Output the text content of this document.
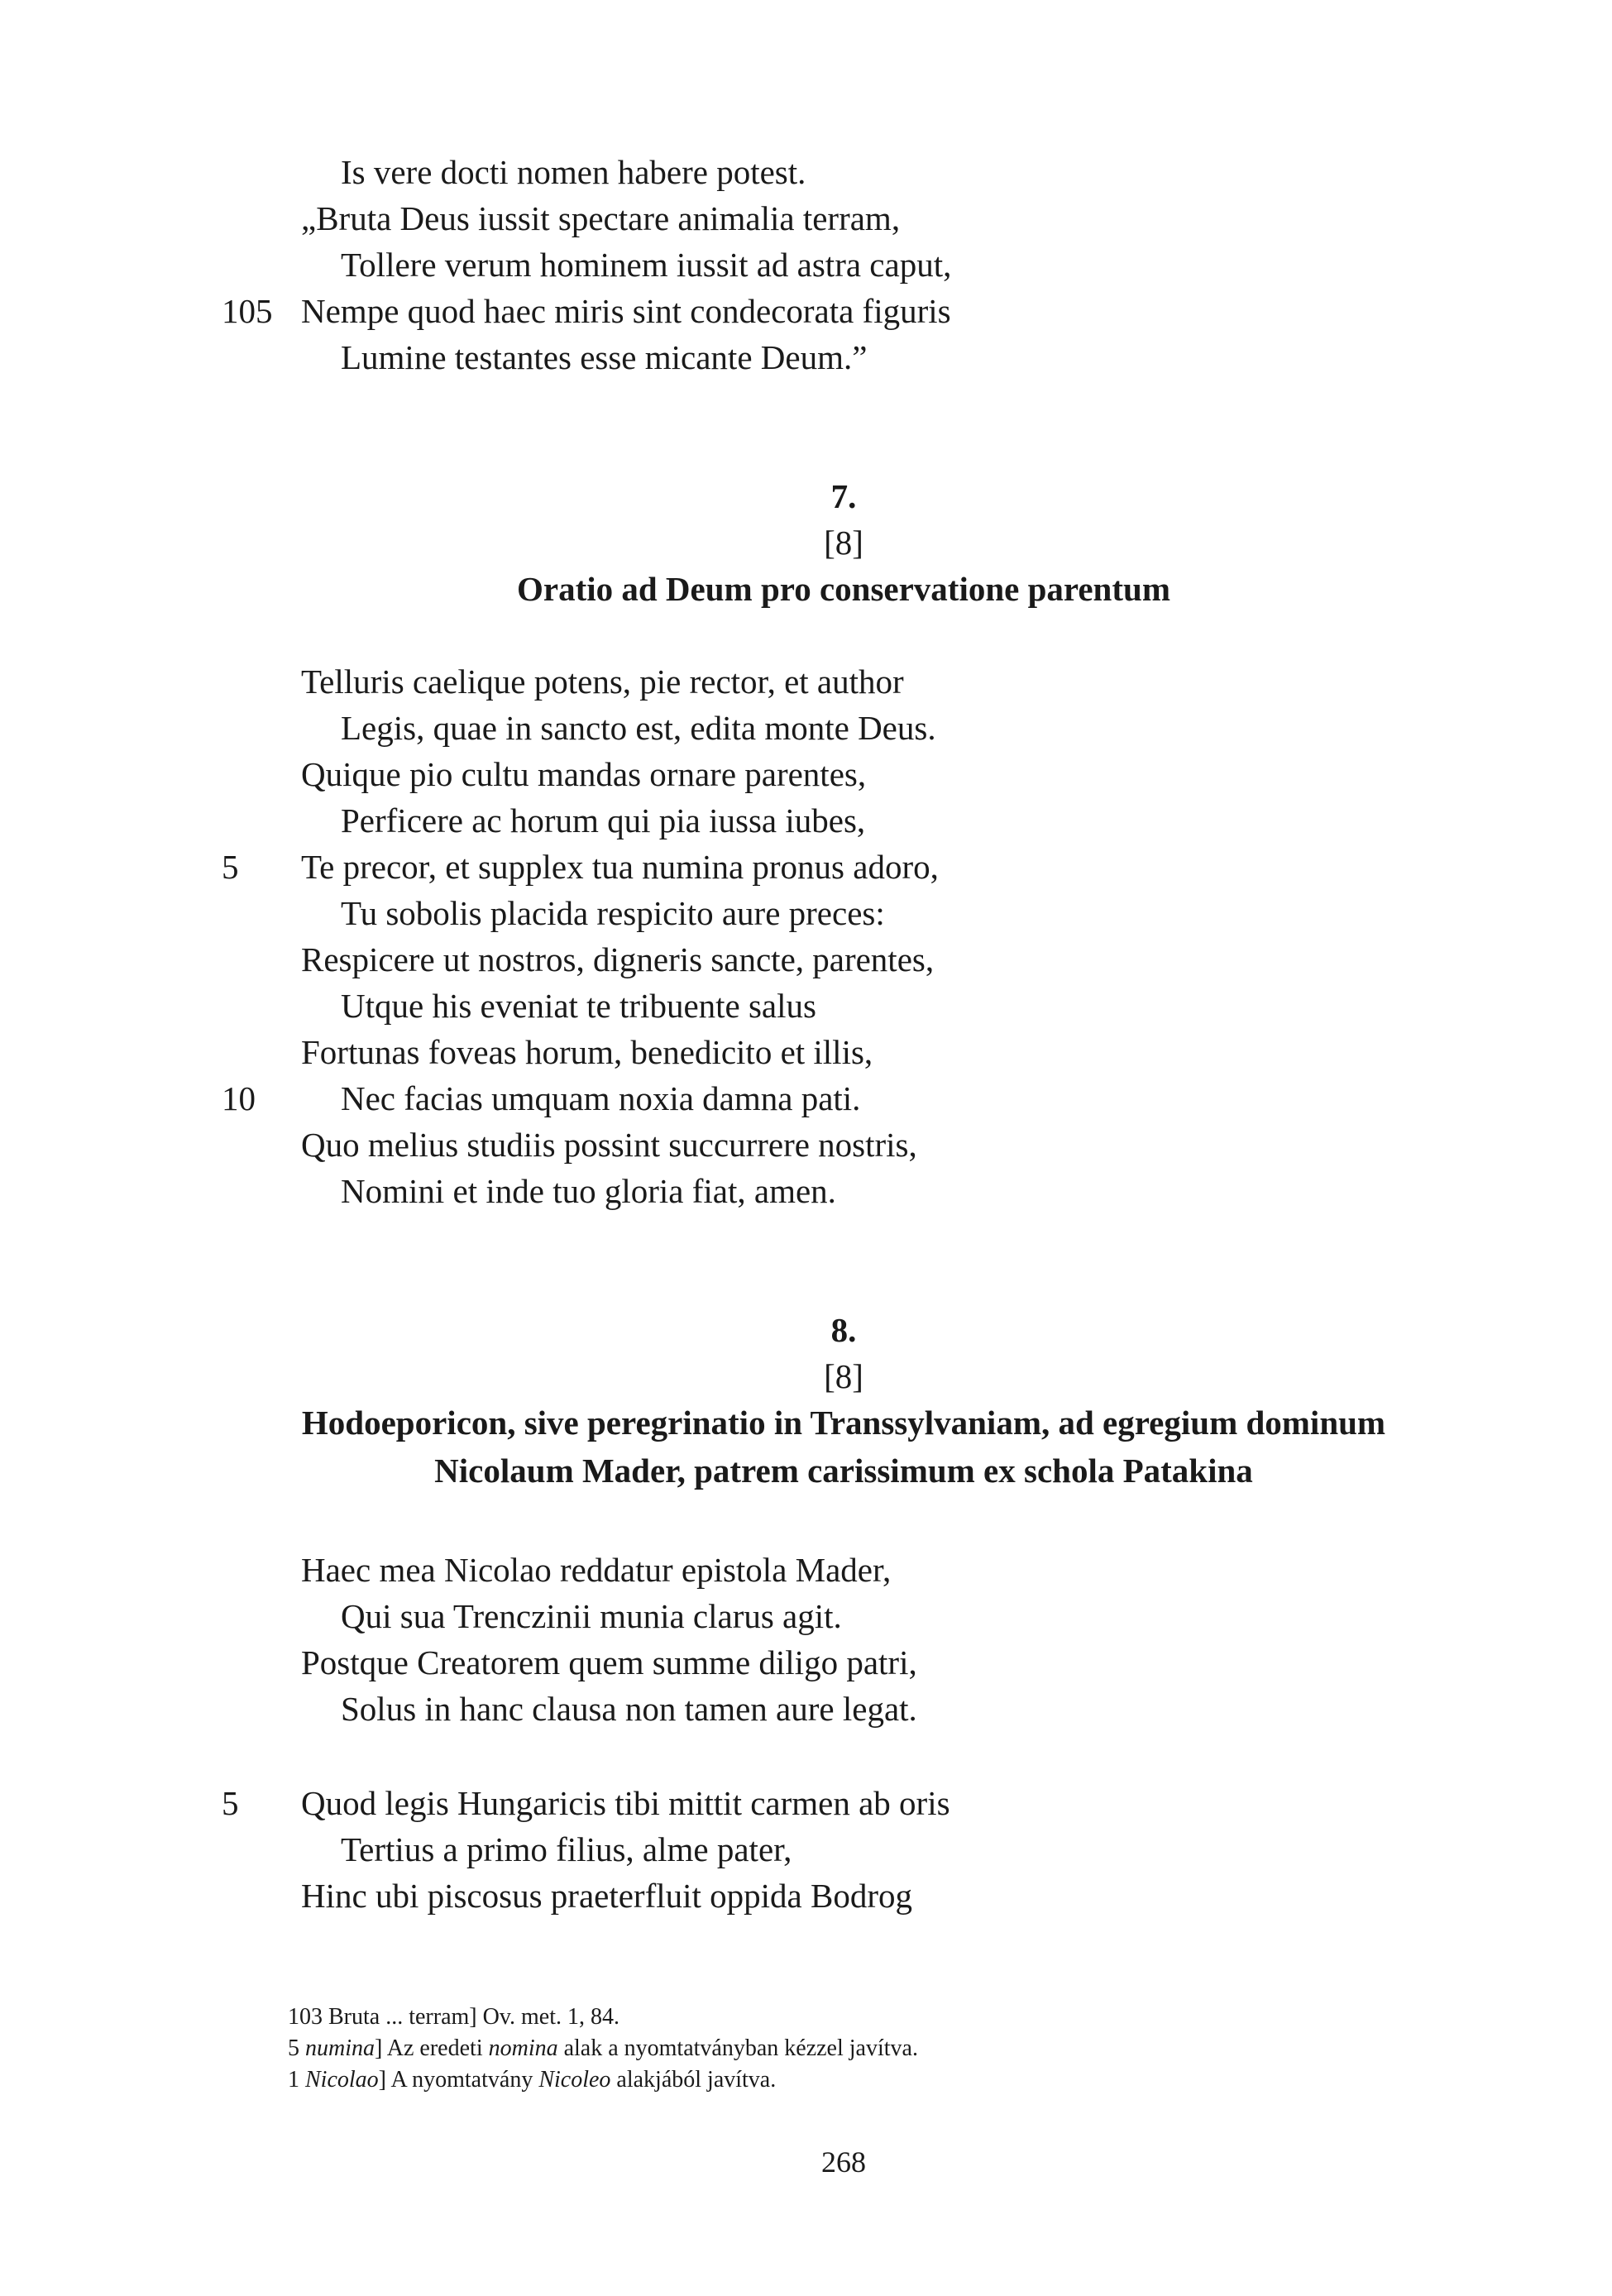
Is vere docti nomen habere potest.
„Bruta Deus iussit spectare animalia terram,
Tollere verum hominem iussit ad astra caput,
105 Nempe quod haec miris sint condecorata figuris
Lumine testantes esse micante Deum.”
7.
[8]
Oratio ad Deum pro conservatione parentum
Telluris caelique potens, pie rector, et author
Legis, quae in sancto est, edita monte Deus.
Quique pio cultu mandas ornare parentes,
Perficere ac horum qui pia iussa iubes,
5 Te precor, et supplex tua numina pronus adoro,
Tu sobolis placida respicito aure preces:
Respicere ut nostros, digneris sancte, parentes,
Utque his eveniat te tribuente salus
Fortunas foveas horum, benedicito et illis,
10	Nec facias umquam noxia damna pati.
Quo melius studiis possint succurrere nostris,
Nomini et inde tuo gloria fiat, amen.
8.
[8]
Hodoeporicon, sive peregrinatio in Transsylvaniam, ad egregium dominum
Nicolaum Mader, patrem carissimum ex schola Patakina
Haec mea Nicolao reddatur epistola Mader,
Qui sua Trenczinii munia clarus agit.
Postque Creatorem quem summe diligo patri,
Solus in hanc clausa non tamen aure legat.
5 Quod legis Hungaricis tibi mittit carmen ab oris
Tertius a primo filius, alme pater,
Hinc ubi piscosus praeterfluit oppida Bodrog
103 Bruta ... terram] Ov. met. 1, 84.
5 numina] Az eredeti nomina alak a nyomtatványban kézzel javítva.
1 Nicolao] A nyomtatvány Nicoleo alakjából javítva.
268
